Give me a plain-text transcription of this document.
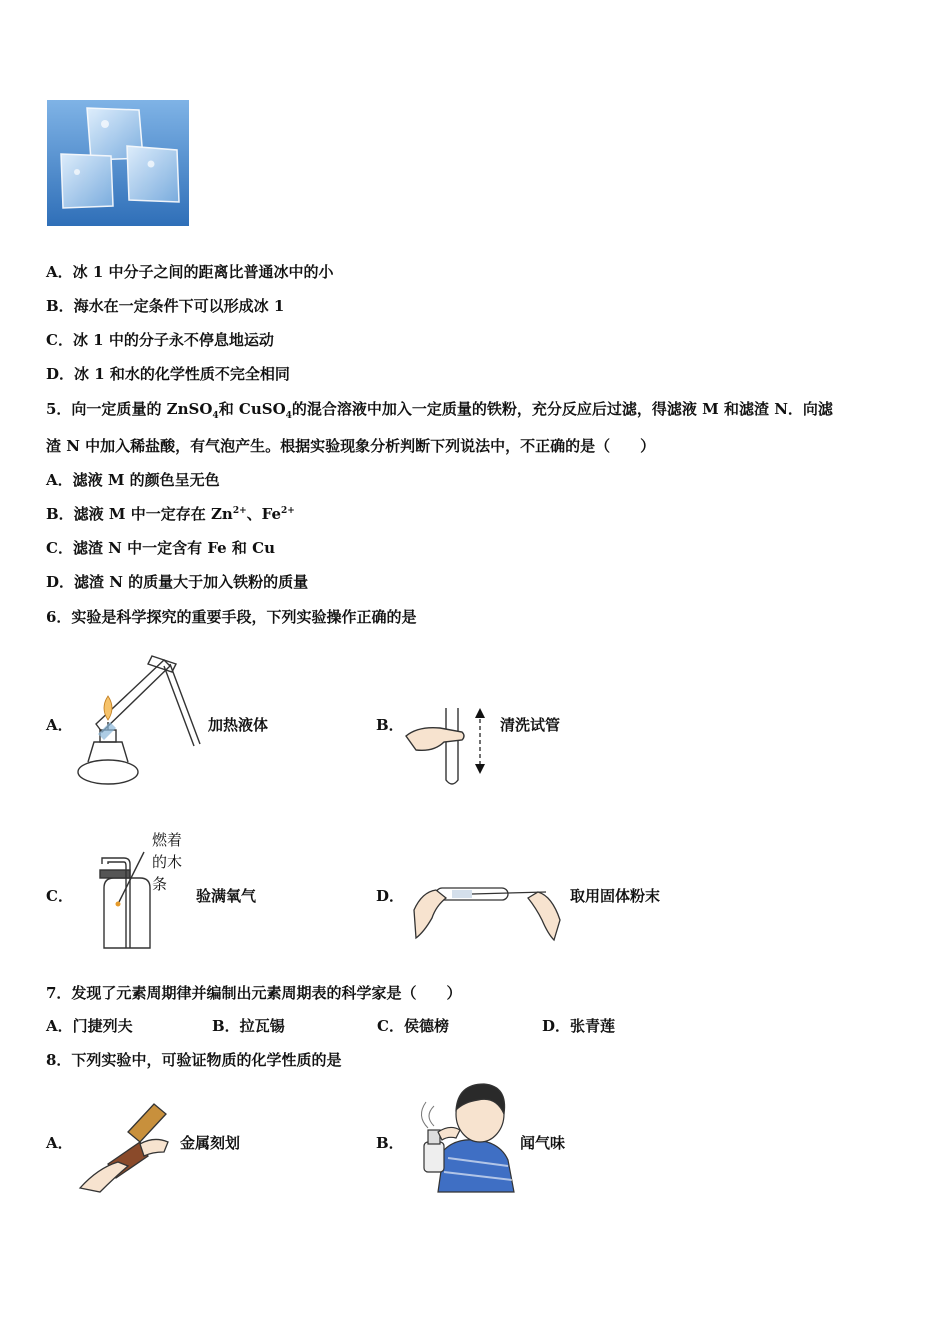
A．冰 1 中分子之间的距离比普通冰中的小
B．海水在一定条件下可以形成冰 1
C．冰 1 中的分子永不停息地运动
D．冰 1 和水的化学性质不完全相同
5．向一定质量的 ZnSO$_4$和 CuSO$_4$的混合溶液中加入一定质量的铁粉，充分反应后过滤，得滤液 M 和滤渣 N．向滤
渣 N 中加入稀盐酸，有气泡产生。根据实验现象分析判断下列说法中，不正确的是（　　）
A．滤液 M 的颜色呈无色
B．滤液 M 中一定存在 $Zn^{2+}$、$Fe^{2+}$
C．滤渣 N 中一定含有 Fe 和 Cu
D．滤渣 N 的质量大于加入铁粉的质量
6．实验是科学探究的重要手段，下列实验操作正确的是
A．	加热液体	B．	清洗试管
C．
燃着
的木
条
验满氧气	D．	取用固体粉末
7．发现了元素周期律并编制出元素周期表的科学家是（　　）
A．门捷列夫	B．拉瓦锡	C．侯德榜	D．张青莲
8．下列实验中，可验证物质的化学性质的是
A．	金属刻划	B．	闻气味
